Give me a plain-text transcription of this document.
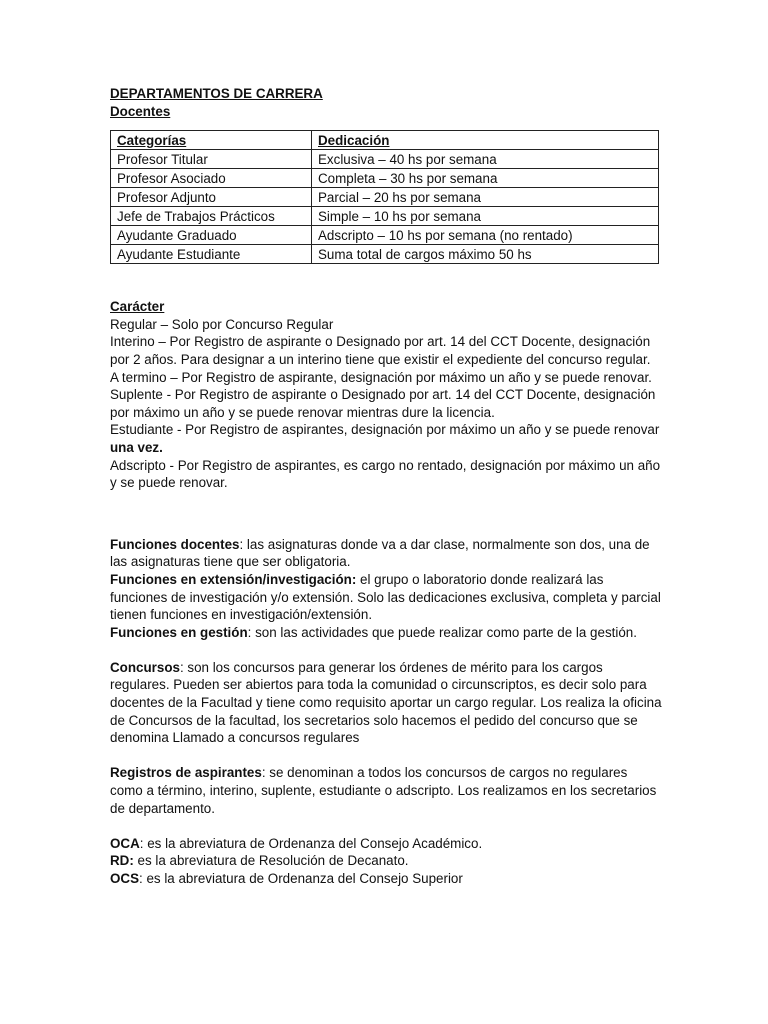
DEPARTAMENTOS DE CARRERA
Docentes
Categorías	Dedicación
Profesor Titular	Exclusiva – 40 hs por semana
Profesor Asociado	Completa – 30 hs por semana
Profesor Adjunto	Parcial – 20 hs por semana
Jefe de Trabajos Prácticos	Simple – 10 hs por semana
Ayudante Graduado	Adscripto – 10 hs por semana (no rentado)
Ayudante Estudiante	Suma total de cargos máximo 50 hs
Carácter

Regular – Solo por Concurso Regular

Interino – Por Registro de aspirante o Designado por art. 14 del CCT Docente, designación por 2 años. Para designar a un interino tiene que existir el expediente del concurso regular.

A termino – Por Registro de aspirante, designación por máximo un año y se puede renovar.

Suplente - Por Registro de aspirante o Designado por art. 14 del CCT Docente, designación por máximo un año y se puede renovar mientras dure la licencia.

Estudiante - Por Registro de aspirantes, designación por máximo un año y se puede renovar una vez.

Adscripto - Por Registro de aspirantes, es cargo no rentado, designación por máximo un año y se puede renovar.

Funciones docentes: las asignaturas donde va a dar clase, normalmente son dos, una de las asignaturas tiene que ser obligatoria.

Funciones en extensión/investigación: el grupo o laboratorio donde realizará las funciones de investigación y/o extensión. Solo las dedicaciones exclusiva, completa y parcial tienen funciones en investigación/extensión.

Funciones en gestión: son las actividades que puede realizar como parte de la gestión.

Concursos: son los concursos para generar los órdenes de mérito para los cargos regulares. Pueden ser abiertos para toda la comunidad o circunscriptos, es decir solo para docentes de la Facultad y tiene como requisito aportar un cargo regular. Los realiza la oficina de Concursos de la facultad, los secretarios solo hacemos el pedido del concurso que se denomina Llamado a concursos regulares

Registros de aspirantes: se denominan a todos los concursos de cargos no regulares como a término, interino, suplente, estudiante o adscripto. Los realizamos en los secretarios de departamento.

OCA: es la abreviatura de Ordenanza del Consejo Académico.

RD: es la abreviatura de Resolución de Decanato.

OCS: es la abreviatura de Ordenanza del Consejo Superior
